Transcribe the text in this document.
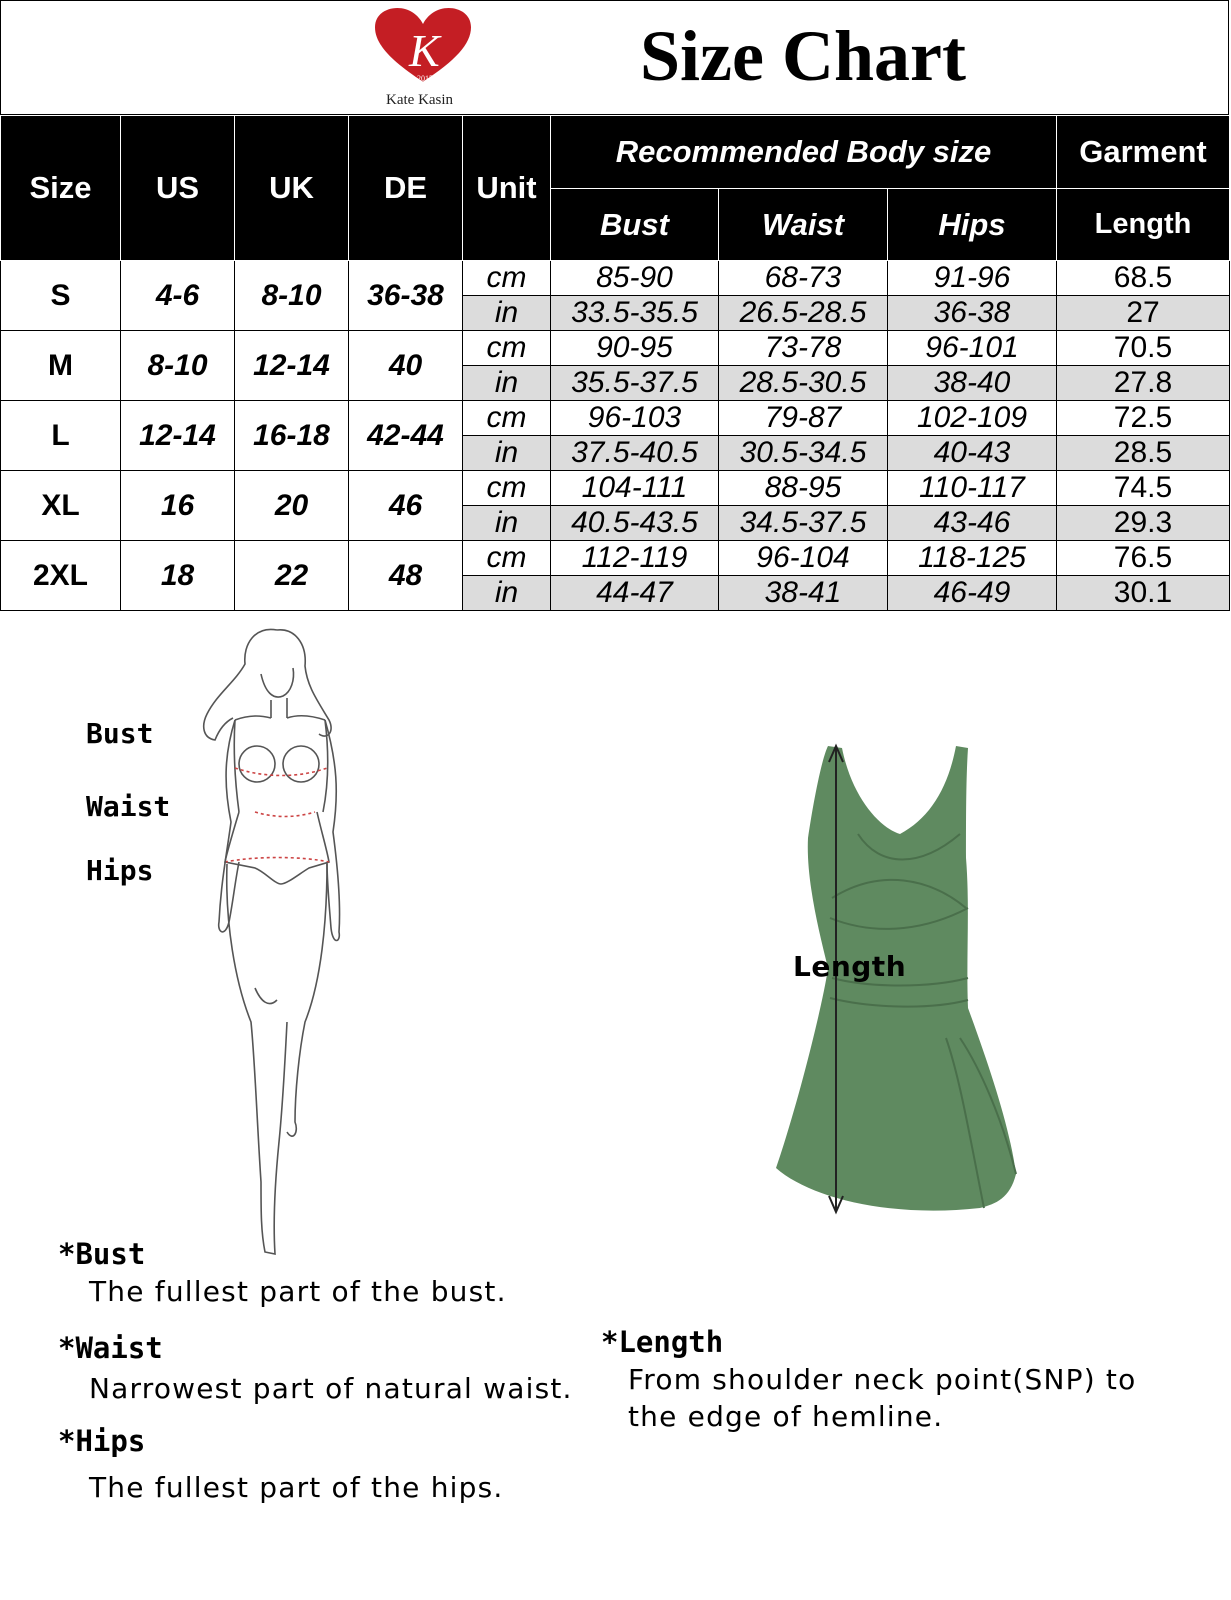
K
2015
Kate Kasin
Size Chart
Size	US	UK	DE	Unit	Recommended Body size			Garment
					Bust	Waist	Hips	Length
S	4-6	8-10	36-38	cm	85-90	68-73	91-96	68.5
				in	33.5-35.5	26.5-28.5	36-38	27
M	8-10	12-14	40	cm	90-95	73-78	96-101	70.5
				in	35.5-37.5	28.5-30.5	38-40	27.8
L	12-14	16-18	42-44	cm	96-103	79-87	102-109	72.5
				in	37.5-40.5	30.5-34.5	40-43	28.5
XL	16	20	46	cm	104-111	88-95	110-117	74.5
				in	40.5-43.5	34.5-37.5	43-46	29.3
2XL	18	22	48	cm	112-119	96-104	118-125	76.5
				in	44-47	38-41	46-49	30.1
Bust
Waist
Hips
Length
*Bust
The fullest part of the bust.
*Waist
Narrowest part of natural waist.
*Hips
The fullest part of the hips.
*Length
From shoulder neck point(SNP) to
the edge of hemline.
